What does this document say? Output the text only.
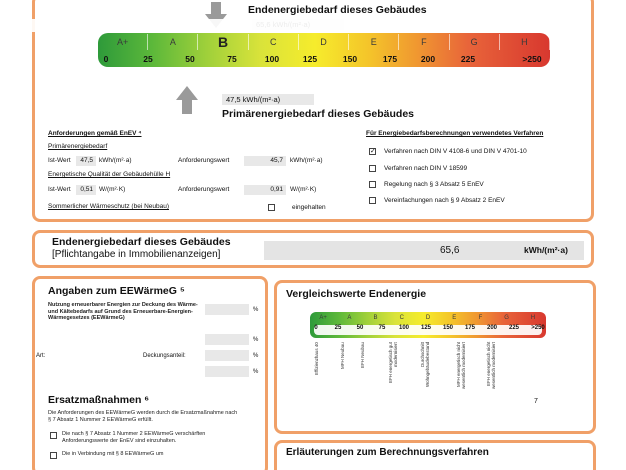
Endenergiebedarf dieses Gebäudes
A+	A	B	C	D	E	F	G	H
0	25	50	75	100	125	150	175	200	225	>250
47,5 kWh/(m²·a)
Primärenergiebedarf dieses Gebäudes
Anforderungen gemäß EnEV ⁴
Primärenergiebedarf
Ist-Wert	47,5 kWh/(m²·a)	Anforderungswert	45,7	kWh/(m²·a)
Energetische Qualität der Gebäudehülle H
Ist-Wert	0,51 W/(m²·K)	Anforderungswert	0,91	W/(m²·K)
Sommerlicher Wärmeschutz (bei Neubau)	eingehalten
Für Energiebedarfsberechnungen verwendetes Verfahren
✓ Verfahren nach DIN V 4108-6 und DIN V 4701-10
Verfahren nach DIN V 18599
Regelung nach § 3 Absatz 5 EnEV
Vereinfachungen nach § 9 Absatz 2 EnEV
Endenergiebedarf dieses Gebäudes
[Pflichtangabe in Immobilienanzeigen]	65,6	kWh/(m²·a)
Angaben zum EEWärmeG ⁵
Nutzung erneuerbarer Energien zur Deckung des Wärme- und Kältebedarfs auf Grund des Erneuerbare-Energien-Wärmegesetzes (EEWärmeG)
%
%
Art:	Deckungsanteil:	%
%
Ersatzmaßnahmen ⁶
Die Anforderungen des EEWärmeG werden durch die Ersatzmaßnahme nach § 7 Absatz 1 Nummer 2 EEWärmeG erfüllt.
Die nach § 7 Absatz 1 Nummer 2 EEWärmeG verschärften Anforderungswerte der EnEV sind einzuhalten.
Die in Verbindung mit § 8 EEWärmeG um
Vergleichswerte Endenergie
A+	A	B	C	D	E	F	G	H
0	25	50	75 100 125 150 175 200 225 >250
Effizienzhaus 40	MFH Neubau	EFH Neubau	EFH energetisch gut modernisiert	Durchschnitt Wohngebäudebestand	MFH energetisch nicht wesentlich modernisiert	EFH energetisch nicht wesentlich modernisiert
7
Erläuterungen zum Berechnungsverfahren
